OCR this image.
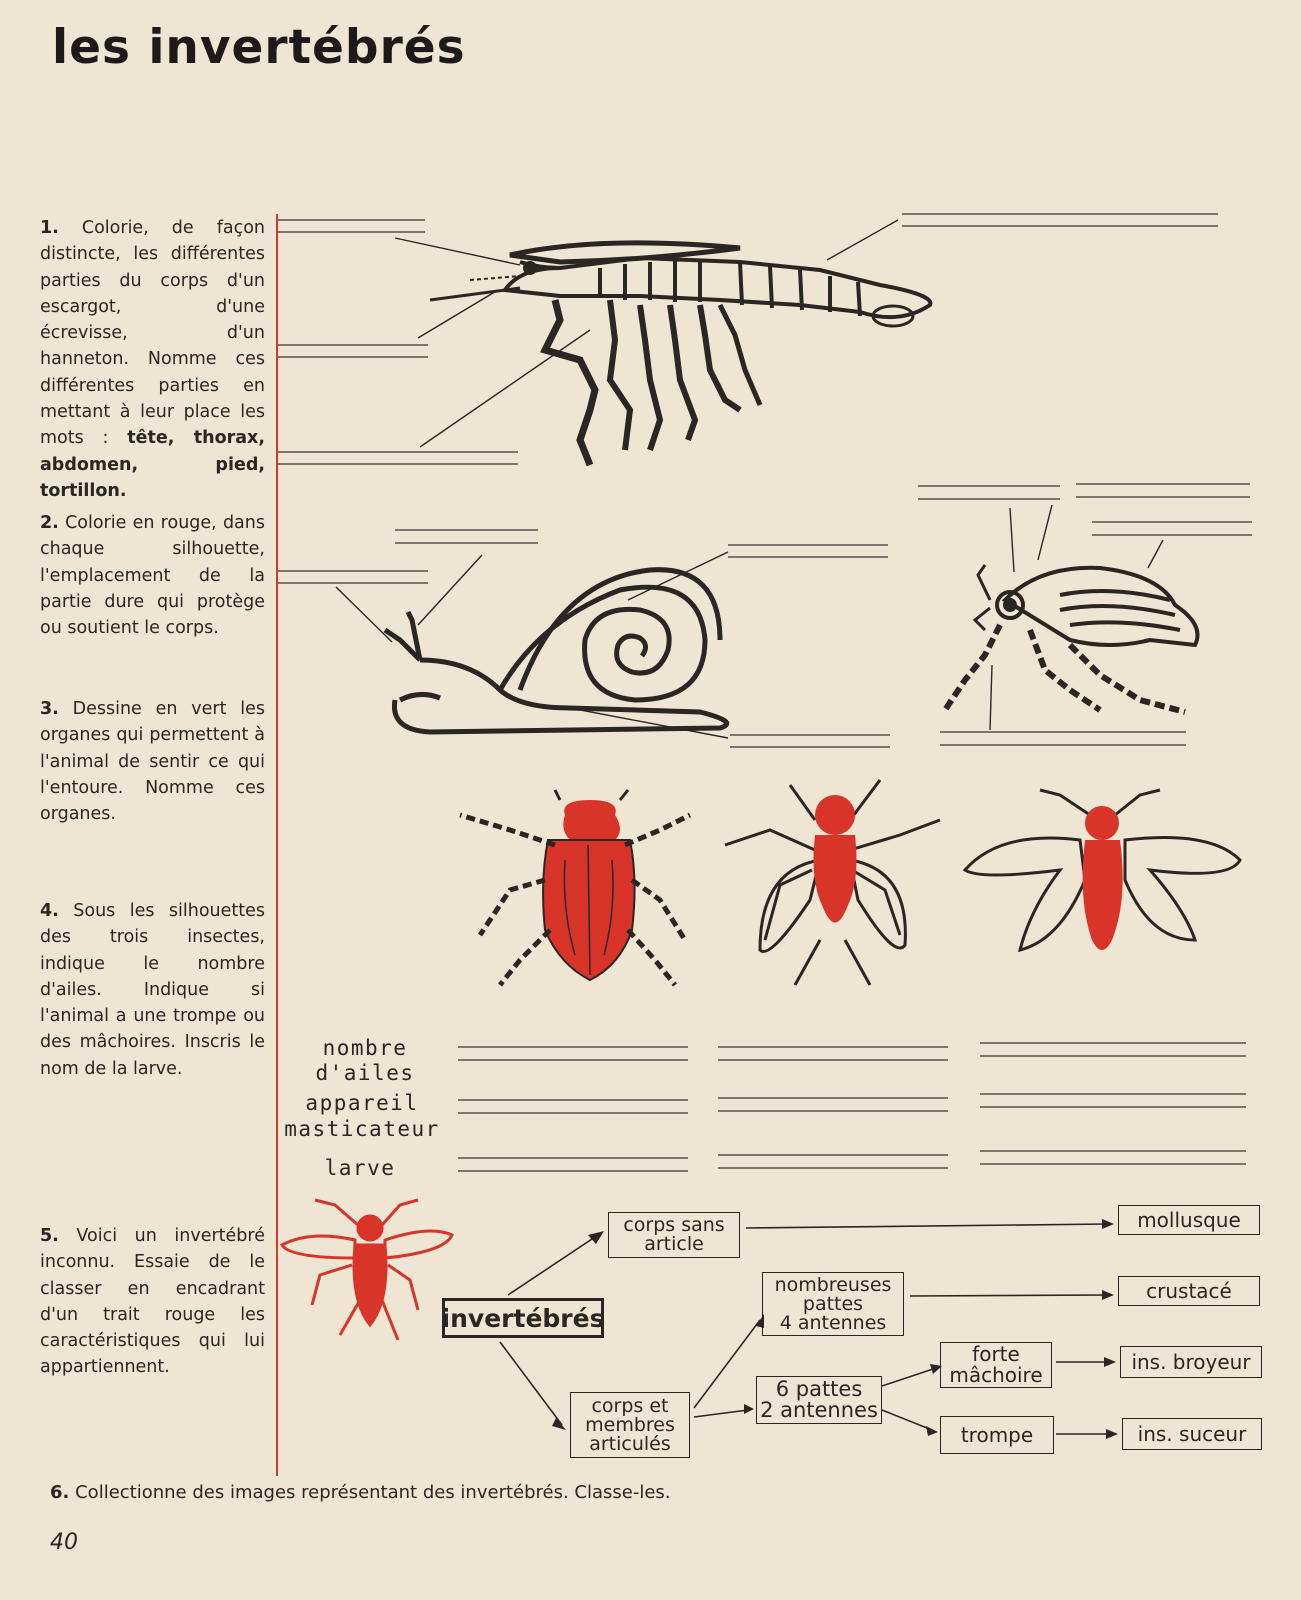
les invertébrés
1. Colorie, de façon distincte, les différentes parties du corps d'un escargot, d'une écrevisse, d'un hanneton. Nomme ces différentes parties en mettant à leur place les mots : tête, thorax, abdomen, pied, tortillon.
2. Colorie en rouge, dans chaque silhouette, l'emplacement de la partie dure qui protège ou soutient le corps.
3. Dessine en vert les organes qui permettent à l'animal de sentir ce qui l'entoure. Nomme ces organes.
4. Sous les silhouettes des trois insectes, indique le nombre d'ailes. Indique si l'animal a une trompe ou des mâchoires. Inscris le nom de la larve.
5. Voici un invertébré inconnu. Essaie de le classer en encadrant d'un trait rouge les caractéristiques qui lui appartiennent.
nombre
d'ailes
appareil
masticateur
larve
invertébrés
corps sans
article
corps et
membres
articulés
nombreuses
pattes
4 antennes
6 pattes
2 antennes
forte
mâchoire
trompe
mollusque
crustacé
ins. broyeur
ins. suceur
6. Collectionne des images représentant des invertébrés. Classe-les.
40
